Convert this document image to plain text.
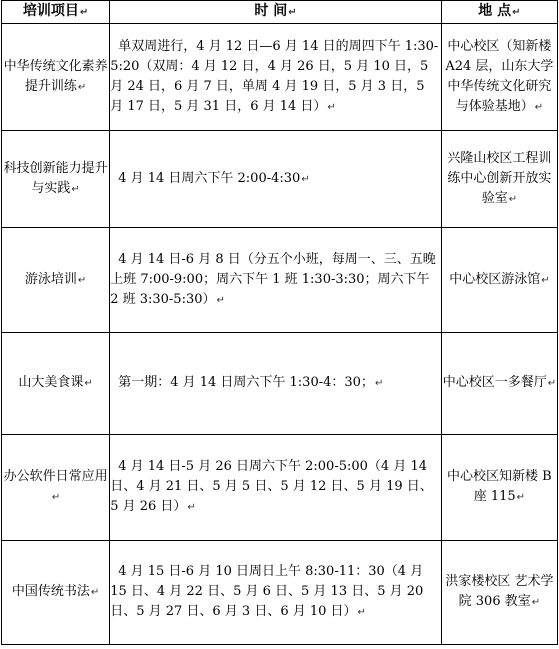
培训项目↵	时 间↵	地 点↵
中华传统文化素养提升训练↵	单双周进行，4 月 12 日—6 月 14 日的周四下午 1:30-5:20（双周：4 月 12 日，4 月 26 日，5 月 10 日，5 月 24 日，6 月 7 日，单周 4 月 19 日，5 月 3 日，5 月 17 日，5 月 31 日，6 月 14 日）↵	中心校区（知新楼 A24 层，山东大学中华传统文化研究与体验基地）↵
科技创新能力提升与实践↵	4 月 14 日周六下午 2:00-4:30↵	兴隆山校区工程训练中心创新开放实验室↵
游泳培训↵	4 月 14 日-6 月 8 日（分五个小班，每周一、三、五晚上班 7:00-9:00；周六下午 1 班 1:30-3:30；周六下午 2 班 3:30-5:30）↵	中心校区游泳馆↵
山大美食课↵	第一期：4 月 14 日周六下午 1:30-4：30；↵	中心校区一多餐厅↵
办公软件日常应用↵	4 月 14 日-5 月 26 日周六下午 2:00-5:00（4 月 14 日、4 月 21 日、5 月 5 日、5 月 12 日、5 月 19 日、5 月 26 日）↵	中心校区知新楼 B 座 115↵
中国传统书法↵	4 月 15 日-6 月 10 日周日上午 8:30-11：30（4 月 15 日、4 月 22 日、5 月 6 日、5 月 13 日、5 月 20 日、5 月 27 日、6 月 3 日、6 月 10 日）↵	洪家楼校区 艺术学院 306 教室↵
